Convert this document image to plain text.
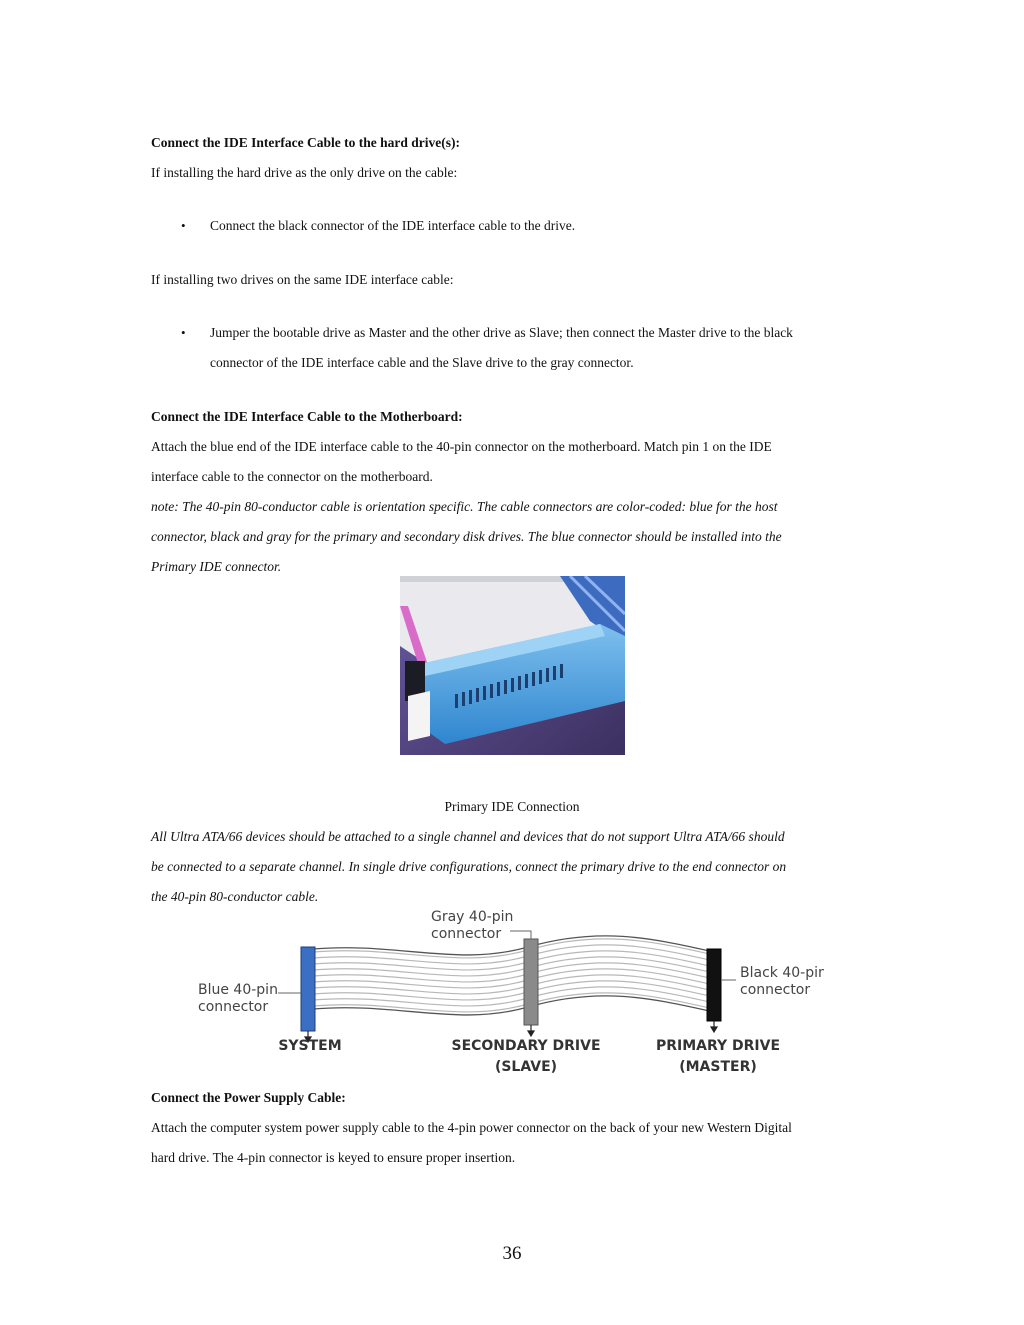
Connect the IDE Interface Cable to the hard drive(s):
If installing the hard drive as the only drive on the cable:
• Connect the black connector of the IDE interface cable to the drive.
If installing two drives on the same IDE interface cable:
• Jumper the bootable drive as Master and the other drive as Slave; then connect the Master drive to the black
connector of the IDE interface cable and the Slave drive to the gray connector.
Connect the IDE Interface Cable to the Motherboard:
Attach the blue end of the IDE interface cable to the 40-pin connector on the motherboard. Match pin 1 on the IDE
interface cable to the connector on the motherboard.
note: The 40-pin 80-conductor cable is orientation specific. The cable connectors are color-coded: blue for the host
connector, black and gray for the primary and secondary disk drives. The blue connector should be installed into the
Primary IDE connector.
Primary IDE Connection
All Ultra ATA/66 devices should be attached to a single channel and devices that do not support Ultra ATA/66 should
be connected to a separate channel. In single drive configurations, connect the primary drive to the end connector on
the 40-pin 80-conductor cable.
Gray 40-pin
connector
Blue 40-pin
connector
Black 40-pin
connector
SYSTEM	SECONDARY DRIVE
(SLAVE)
PRIMARY DRIVE
(MASTER)
Connect the Power Supply Cable:
Attach the computer system power supply cable to the 4-pin power connector on the back of your new Western Digital
hard drive. The 4-pin connector is keyed to ensure proper insertion.
36
